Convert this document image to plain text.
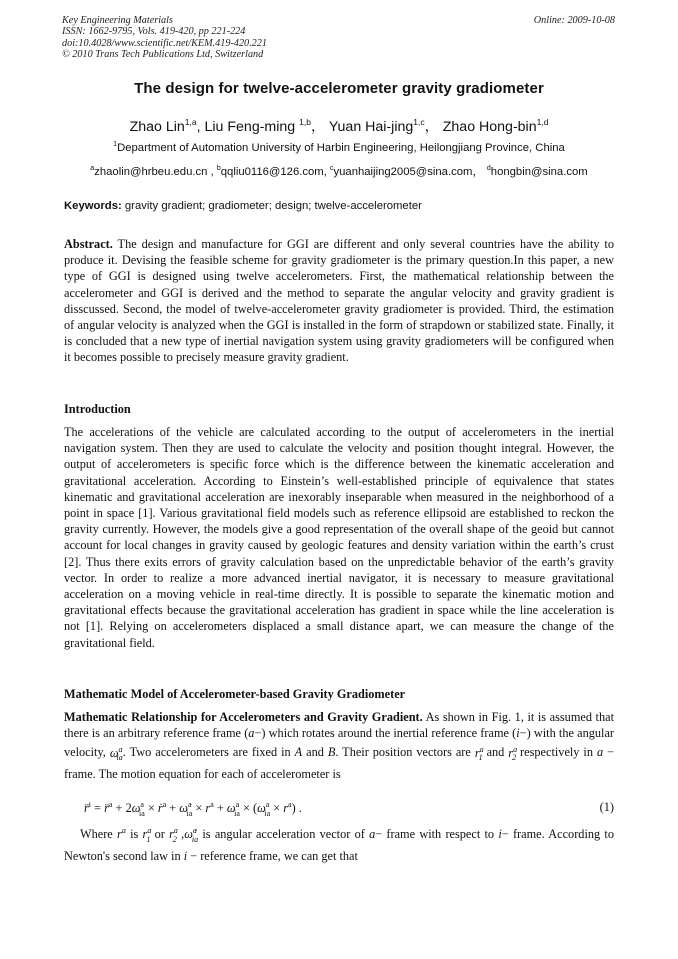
Key Engineering Materials
ISSN: 1662-9795, Vols. 419-420, pp 221-224
doi:10.4028/www.scientific.net/KEM.419-420.221
© 2010 Trans Tech Publications Ltd, Switzerland
Online: 2009-10-08
The design for twelve-accelerometer gravity gradiometer
Zhao Lin$^{1,a}$, Liu Feng-ming $^{1,b}$， Yuan Hai-jing$^{1,c}$， Zhao Hong-bin$^{1,d}$
$^1$Department of Automation University of Harbin Engineering, Heilongjiang Province, China
$^a$zhaolin@hrbeu.edu.cn , $^b$qqliu0116@126.com, $^c$yuanhaijing2005@sina.com， $^d$hongbin@sina.com
Keywords: gravity gradient; gradiometer; design; twelve-accelerometer
Abstract. The design and manufacture for GGI are different and only several countries have the ability to produce it. Devising the feasible scheme for gravity gradiometer is the primary question.In this paper, a new type of GGI is designed using twelve accelerometers. First, the mathematical relationship between the accelerometer and GGI is derived and the method to separate the angular velocity and gravity gradient is disscussed. Second, the model of twelve-accelerometer gravity gradiometer is provided. Third, the estimation of angular velocity is analyzed when the GGI is installed in the form of strapdown or stabilized state. Finally, it is concluded that a new type of inertial navigation system using gravity gradiometers will be configured when it becomes possible to precisely measure gravity gradient.
Introduction
The accelerations of the vehicle are calculated according to the output of accelerometers in the inertial navigation system. Then they are used to calculate the velocity and position thought integral. However, the output of accelerometers is specific force which is the difference between the kinematic acceleration and gravitational acceleration. According to Einstein’s well-established principle of equivalence that states kinematic and gravitational acceleration are inexorably inseparable when measured in the neighborhood of a point in space [1]. Various gravitational field models such as reference ellipsoid are established to reckon the gravity currently. However, the models give a good representation of the overall shape of the geoid but cannot account for local changes in gravity caused by geologic features and density variation within the earth’s crust [2]. Thus there exits errors of gravity calculation based on the unpredictable behavior of the earth’s gravity vector. In order to realize a more advanced inertial navigator, it is necessary to measure gravitational acceleration on a moving vehicle in real-time directly. It is possible to separate the kinematic motion and gravitational effects because the gravitational acceleration has gradient in space while the line acceleration is not [1]. Relying on accelerometers displaced a small distance apart, we can measure the change of the gravitational field.
Mathematic Model of Accelerometer-based Gravity Gradiometer
Mathematic Relationship for Accelerometers and Gravity Gradient. As shown in Fig. 1, it is assumed that there is an arbitrary reference frame (a−) which rotates around the inertial reference frame (i−) with the angular velocity, $\omega^a_{ia}$. Two accelerometers are fixed in A and B. Their position vectors are $r^a_1$ and $r^a_2$ respectively in a − frame. The motion equation for each of accelerometer is
r̈$^i$ = r̈$^a$ + $2\omega^a_{ia}$ × ṙ$^a$ + ω̇$^a_{ia}$ × $r^a + \omega^a_{ia} \times (\omega^a_{ia} \times r^a)$ .	(1)
Where $r^a$ is $r^a_1$ or $r^a_2$ ,ω̇$^a_{ia}$ is angular acceleration vector of a− frame with respect to i− frame. According to Newton's second law in i − reference frame, we can get that
